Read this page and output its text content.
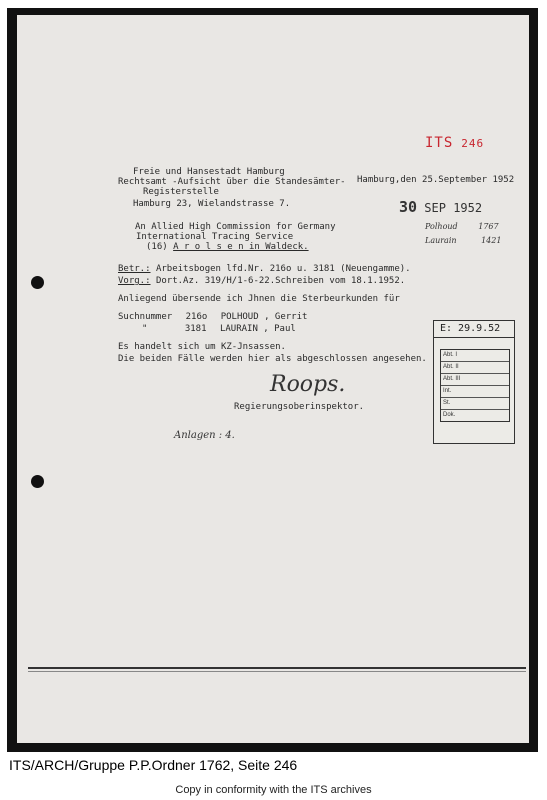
ITS 246
Freie und Hansestadt Hamburg
Rechtsamt -Aufsicht über die Standesämter-
Registerstelle
Hamburg 23, Wielandstrasse 7.
Hamburg,den 25.September 1952
30 SEP 1952
An Allied High Commission for Germany
International Tracing Service
(16) A r o l s e n in Waldeck.
Polhoud	1767
Laurain	1421
Betr.: Arbeitsbogen lfd.Nr. 216o u. 3181 (Neuengamme).
Vorg.: Dort.Az. 319/H/1-6-22.Schreiben vom 18.1.1952.
Anliegend übersende ich Jhnen die Sterbeurkunden für
Suchnummer 216o POLHOUD , Gerrit
"	3181 LAURAIN , Paul
Es handelt sich um KZ-Jnsassen.
Die beiden Fälle werden hier als abgeschlossen angesehen.
Roops.
Regierungsoberinspektor.
Anlagen : 4.
E: 29.9.52
Abt. I
Abt. II
Abt. III
Int.
St.
Dok.
ITS/ARCH/Gruppe P.P.Ordner 1762, Seite 246
Copy in conformity with the ITS archives
